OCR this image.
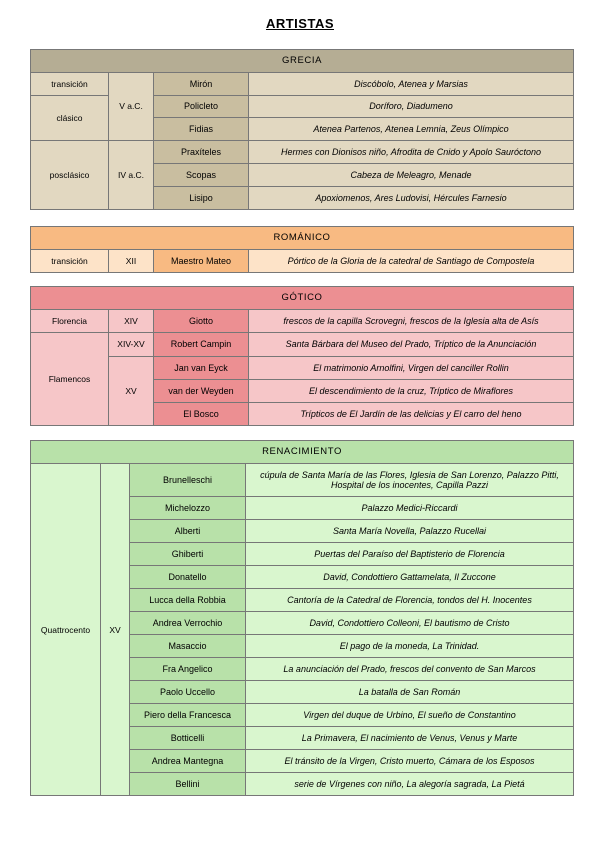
ARTISTAS
GRECIA			
transición	V a.C.	Mirón	Discóbolo, Atenea y Marsias
clásico		Policleto	Doríforo, Diadumeno
		Fidias	Atenea Partenos, Atenea Lemnia, Zeus Olímpico
posclásico	IV a.C.	Praxíteles	Hermes con Dionisos niño, Afrodita de Cnido y Apolo Sauróctono
		Scopas	Cabeza de Meleagro, Menade
		Lisipo	Apoxiomenos, Ares Ludovisi, Hércules Farnesio
ROMÁNICO
transición	XII	Maestro Mateo	Pórtico de la Gloria de la catedral de Santiago de Compostela
GÓTICO			
Florencia	XIV	Giotto	frescos de la capilla Scrovegni, frescos de la Iglesia alta de Asís
Flamencos	XIV-XV	Robert Campin	Santa Bárbara del Museo del Prado, Tríptico de la Anunciación
	XV	Jan van Eyck	El matrimonio Arnolfini, Virgen del canciller Rollin
		van der Weyden	El descendimiento de la cruz, Tríptico de Miraflores
		El Bosco	Trípticos de El Jardín de las delicias y El carro del heno
RENACIMIENTO			
Quattrocento	XV	Brunelleschi	cúpula de Santa María de las Flores, Iglesia de San Lorenzo, Palazzo Pitti, Hospital de los inocentes, Capilla Pazzi
		Michelozzo	Palazzo Medici-Riccardi
		Alberti	Santa María Novella, Palazzo Rucellai
		Ghiberti	Puertas del Paraíso del Baptisterio de Florencia
		Donatello	David, Condottiero Gattamelata, Il Zuccone
		Lucca della Robbia	Cantoría de la Catedral de Florencia, tondos del H. Inocentes
		Andrea Verrochio	David, Condottiero Colleoni, El bautismo de Cristo
		Masaccio	El pago de la moneda, La Trinidad.
		Fra Angelico	La anunciación del Prado, frescos del convento de San Marcos
		Paolo Uccello	La batalla de San Román
		Piero della Francesca	Virgen del duque de Urbino, El sueño de Constantino
		Botticelli	La Primavera, El nacimiento de Venus, Venus y Marte
		Andrea Mantegna	El tránsito de la Virgen, Cristo muerto, Cámara de los Esposos
		Bellini	serie de Vírgenes con niño, La alegoría sagrada, La Pietá
